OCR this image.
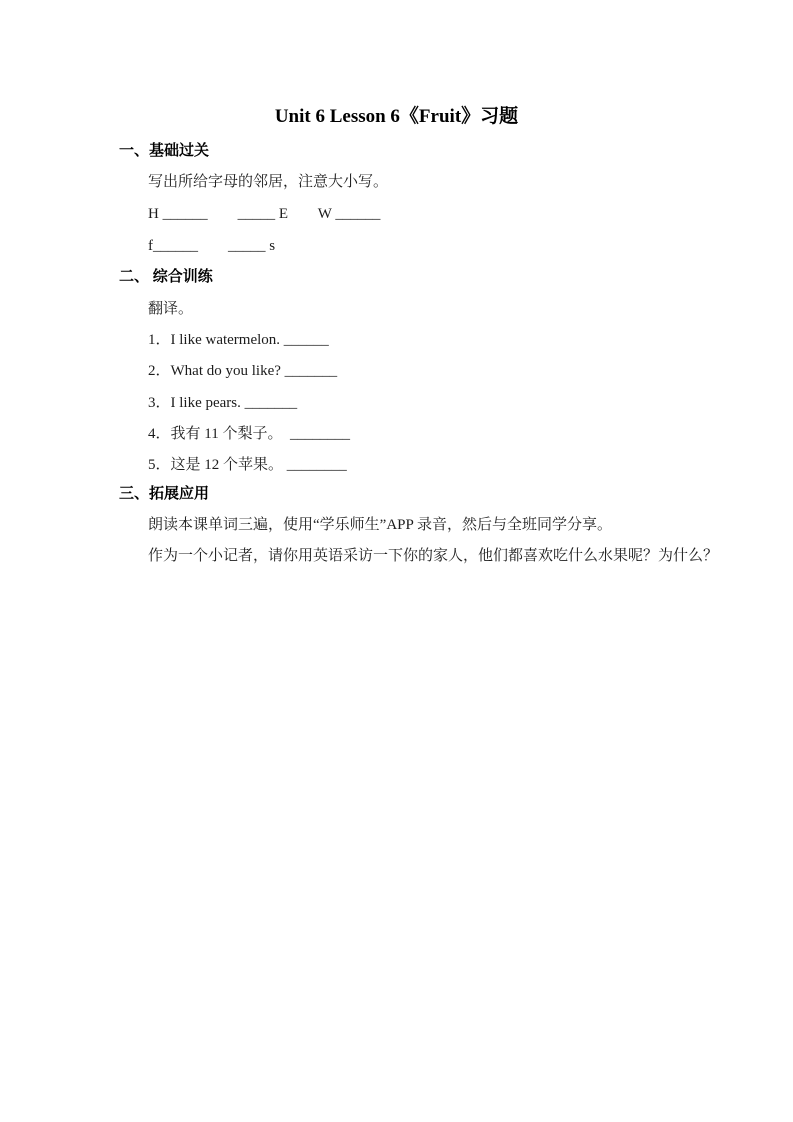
Unit 6 Lesson 6《Fruit》习题
一、基础过关
写出所给字母的邻居，注意大小写。
H ______        _____ E        W ______
f______        _____ s
二、 综合训练
翻译。
1．I like watermelon. ______
2．What do you like? _______
3．I like pears. _______
4．我有 11 个梨子。  ________
5．这是 12 个苹果。 ________
三、拓展应用
朗读本课单词三遍，使用“学乐师生”APP 录音，然后与全班同学分享。
作为一个小记者，请你用英语采访一下你的家人，他们都喜欢吃什么水果呢？为什么？
